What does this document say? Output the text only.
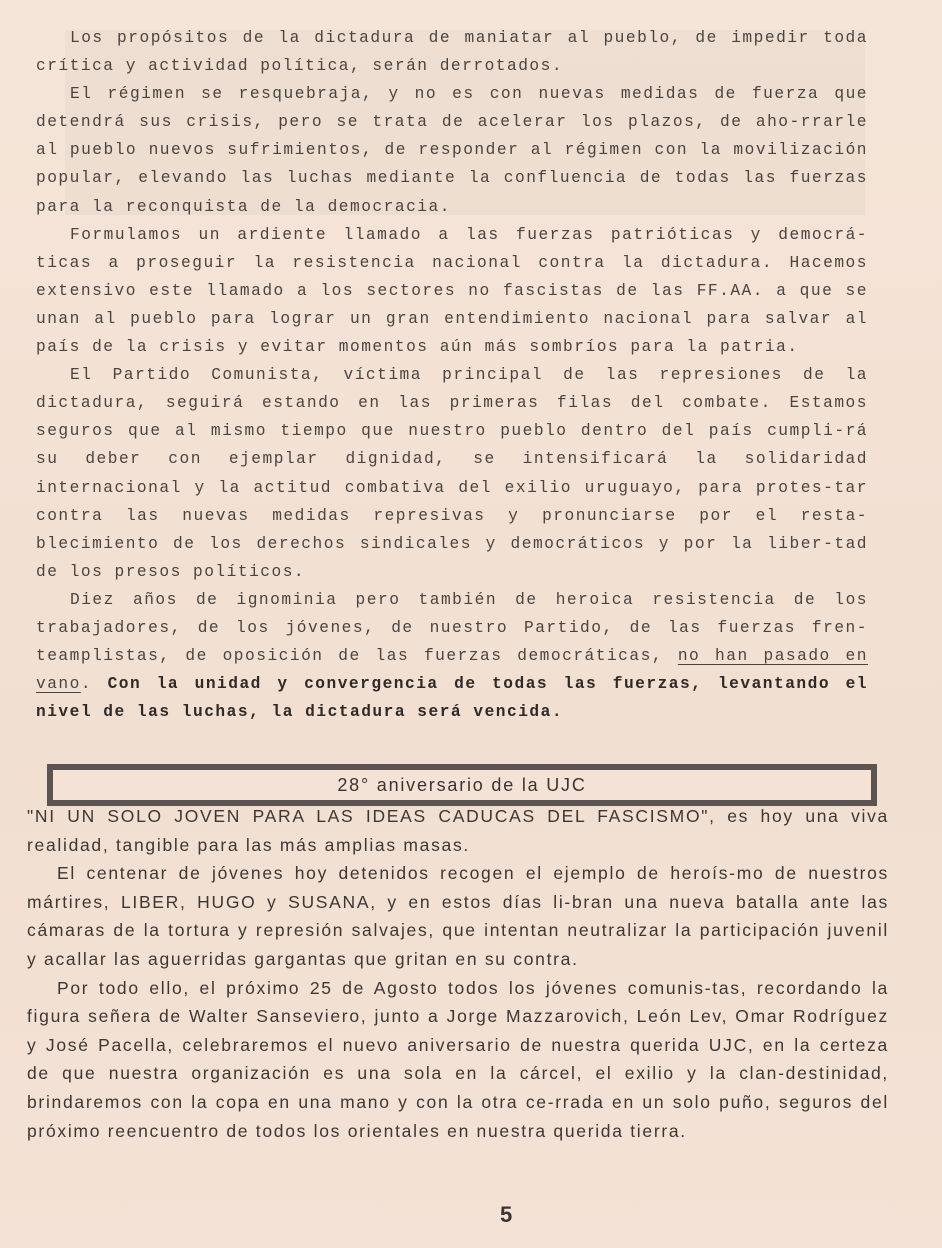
Los propósitos de la dictadura de maniatar al pueblo, de impedir toda crítica y actividad política, serán derrotados.

El régimen se resquebraja, y no es con nuevas medidas de fuerza que detendrá sus crisis, pero se trata de acelerar los plazos, de aho-rrarle al pueblo nuevos sufrimientos, de responder al régimen con la movilización popular, elevando las luchas mediante la confluencia de todas las fuerzas para la reconquista de la democracia.

Formulamos un ardiente llamado a las fuerzas patrióticas y democrá-ticas a proseguir la resistencia nacional contra la dictadura. Hacemos extensivo este llamado a los sectores no fascistas de las FF.AA. a que se unan al pueblo para lograr un gran entendimiento nacional para salvar al país de la crisis y evitar momentos aún más sombríos para la patria.

El Partido Comunista, víctima principal de las represiones de la dictadura, seguirá estando en las primeras filas del combate. Estamos seguros que al mismo tiempo que nuestro pueblo dentro del país cumpli-rá su deber con ejemplar dignidad, se intensificará la solidaridad internacional y la actitud combativa del exilio uruguayo, para protes-tar contra las nuevas medidas represivas y pronunciarse por el resta-blecimiento de los derechos sindicales y democráticos y por la liber-tad de los presos políticos.

Diez años de ignominia pero también de heroica resistencia de los trabajadores, de los jóvenes, de nuestro Partido, de las fuerzas fren-teamplistas, de oposición de las fuerzas democráticas, no han pasado en vano. Con la unidad y convergencia de todas las fuerzas, levantando el nivel de las luchas, la dictadura será vencida.

28° aniversario de la UJC

"NI UN SOLO JOVEN PARA LAS IDEAS CADUCAS DEL FASCISMO", es hoy una viva realidad, tangible para las más amplias masas.

El centenar de jóvenes hoy detenidos recogen el ejemplo de heroís-mo de nuestros mártires, LIBER, HUGO y SUSANA, y en estos días li-bran una nueva batalla ante las cámaras de la tortura y represión salvajes, que intentan neutralizar la participación juvenil y acallar las aguerridas gargantas que gritan en su contra.

Por todo ello, el próximo 25 de Agosto todos los jóvenes comunis-tas, recordando la figura señera de Walter Sanseviero, junto a Jorge Mazzarovich, León Lev, Omar Rodríguez y José Pacella, celebraremos el nuevo aniversario de nuestra querida UJC, en la certeza de que nuestra organización es una sola en la cárcel, el exilio y la clan-destinidad, brindaremos con la copa en una mano y con la otra ce-rrada en un solo puño, seguros del próximo reencuentro de todos los orientales en nuestra querida tierra.

5
